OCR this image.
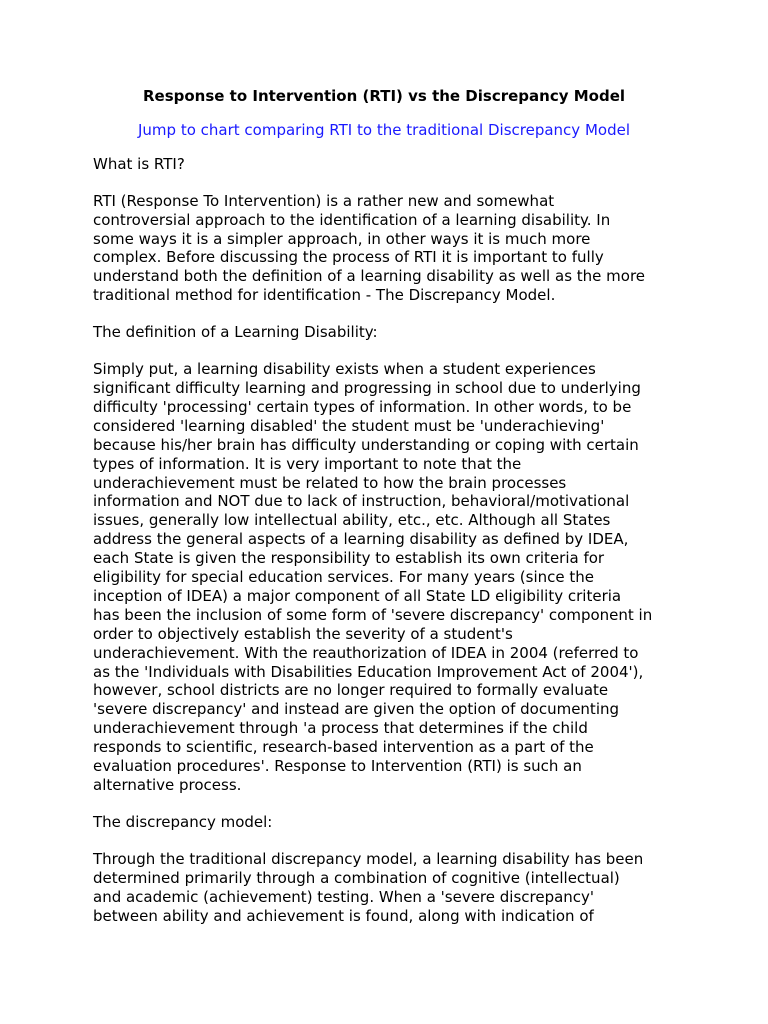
Response to Intervention (RTI) vs the Discrepancy Model
Jump to chart comparing RTI to the traditional Discrepancy Model
What is RTI?
RTI (Response To Intervention) is a rather new and somewhat
controversial approach to the identification of a learning disability. In
some ways it is a simpler approach, in other ways it is much more
complex. Before discussing the process of RTI it is important to fully
understand both the definition of a learning disability as well as the more
traditional method for identification - The Discrepancy Model.
The definition of a Learning Disability:
Simply put, a learning disability exists when a student experiences
significant difficulty learning and progressing in school due to underlying
difficulty 'processing' certain types of information. In other words, to be
considered 'learning disabled' the student must be 'underachieving'
because his/her brain has difficulty understanding or coping with certain
types of information. It is very important to note that the
underachievement must be related to how the brain processes
information and NOT due to lack of instruction, behavioral/motivational
issues, generally low intellectual ability, etc., etc. Although all States
address the general aspects of a learning disability as defined by IDEA,
each State is given the responsibility to establish its own criteria for
eligibility for special education services. For many years (since the
inception of IDEA) a major component of all State LD eligibility criteria
has been the inclusion of some form of 'severe discrepancy' component in
order to objectively establish the severity of a student's
underachievement. With the reauthorization of IDEA in 2004 (referred to
as the 'Individuals with Disabilities Education Improvement Act of 2004'),
however, school districts are no longer required to formally evaluate
'severe discrepancy' and instead are given the option of documenting
underachievement through 'a process that determines if the child
responds to scientific, research-based intervention as a part of the
evaluation procedures'. Response to Intervention (RTI) is such an
alternative process.
The discrepancy model:
Through the traditional discrepancy model, a learning disability has been
determined primarily through a combination of cognitive (intellectual)
and academic (achievement) testing. When a 'severe discrepancy'
between ability and achievement is found, along with indication of
